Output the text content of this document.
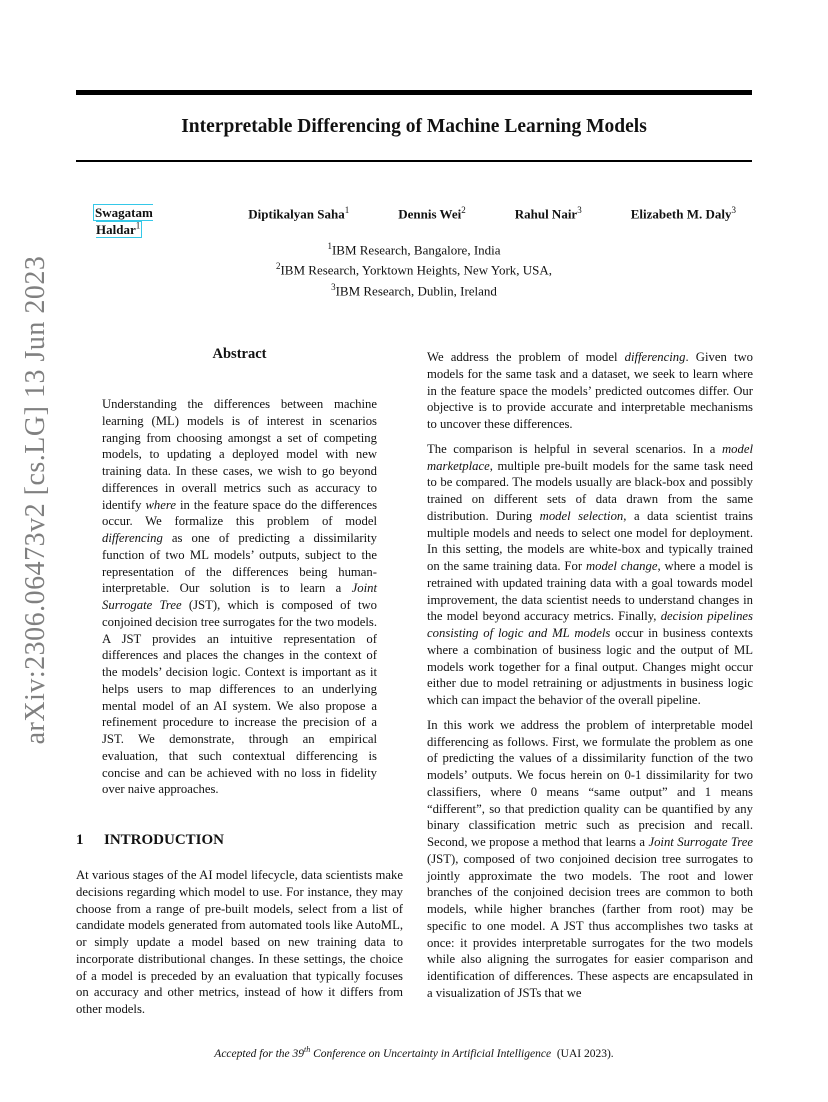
Interpretable Differencing of Machine Learning Models
Swagatam Haldar$^1$
Diptikalyan Saha$^1$	Dennis Wei$^2$	Rahul Nair$^3$	Elizabeth M. Daly$^3$
$^1$IBM Research, Bangalore, India
$^2$IBM Research, Yorktown Heights, New York, USA,
$^3$IBM Research, Dublin, Ireland
arXiv:2306.06473v2 [cs.LG] 13 Jun 2023	Abstract

Understanding the differences between machine learning (ML) models is of interest in scenarios ranging from choosing amongst a set of competing models, to updating a deployed model with new training data. In these cases, we wish to go beyond differences in overall metrics such as accuracy to identify where in the feature space do the differences occur. We formalize this problem of model differencing as one of predicting a dissimilarity function of two ML models’ outputs, subject to the representation of the differences being human-interpretable. Our solution is to learn a Joint Surrogate Tree (JST), which is composed of two conjoined decision tree surrogates for the two models. A JST provides an intuitive representation of differences and places the changes in the context of the models’ decision logic. Context is important as it helps users to map differences to an underlying mental model of an AI system. We also propose a refinement procedure to increase the precision of a JST. We demonstrate, through an empirical evaluation, that such contextual differencing is concise and can be achieved with no loss in fidelity over naive approaches.

1 INTRODUCTION

At various stages of the AI model lifecycle, data scientists make decisions regarding which model to use. For instance, they may choose from a range of pre-built models, select from a list of candidate models generated from automated tools like AutoML, or simply update a model based on new training data to incorporate distributional changes. In these settings, the choice of a model is preceded by an evaluation that typically focuses on accuracy and other metrics, instead of how it differs from other models.

We address the problem of model differencing. Given two models for the same task and a dataset, we seek to learn where in the feature space the models’ predicted outcomes differ. Our objective is to provide accurate and interpretable mechanisms to uncover these differences.

The comparison is helpful in several scenarios. In a model marketplace, multiple pre-built models for the same task need to be compared. The models usually are black-box and possibly trained on different sets of data drawn from the same distribution. During model selection, a data scientist trains multiple models and needs to select one model for deployment. In this setting, the models are white-box and typically trained on the same training data. For model change, where a model is retrained with updated training data with a goal towards model improvement, the data scientist needs to understand changes in the model beyond accuracy metrics. Finally, decision pipelines consisting of logic and ML models occur in business contexts where a combination of business logic and the output of ML models work together for a final output. Changes might occur either due to model retraining or adjustments in business logic which can impact the behavior of the overall pipeline.

In this work we address the problem of interpretable model differencing as follows. First, we formulate the problem as one of predicting the values of a dissimilarity function of the two models’ outputs. We focus herein on 0-1 dissimilarity for two classifiers, where 0 means “same output” and 1 means “different”, so that prediction quality can be quantified by any binary classification metric such as precision and recall. Second, we propose a method that learns a Joint Surrogate Tree (JST), composed of two conjoined decision tree surrogates to jointly approximate the two models. The root and lower branches of the conjoined decision trees are common to both models, while higher branches (farther from root) may be specific to one model. A JST thus accomplishes two tasks at once: it provides interpretable surrogates for the two models while also aligning the surrogates for easier comparison and identification of differences. These aspects are encapsulated in a visualization of JSTs that we

Accepted for the 39th Conference on Uncertainty in Artificial Intelligence (UAI 2023).
